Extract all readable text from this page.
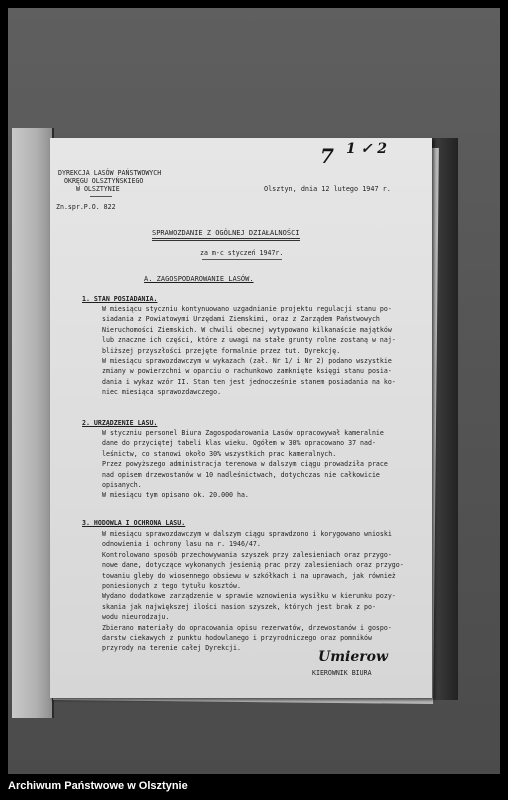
DYREKCJA LASÓW PAŃSTWOWYCH
OKRĘGU OLSZTYŃSKIEGO
W OLSZTYNIE
Zn.spr.P.O. 822
Olsztyn, dnia 12 lutego 1947 r.
7 1 ✓ 2
SPRAWOZDANIE Z OGÓLNEJ DZIAŁALNOŚCI
za m-c styczeń 1947r.
A. ZAGOSPODAROWANIE LASÓW.
1. STAN POSIADANIA.
W miesiącu styczniu kontynuowano uzgadnianie projektu regulacji stanu po-
siadania z Powiatowymi Urzędami Ziemskimi, oraz z Zarządem Państwowych
Nieruchomości Ziemskich. W chwili obecnej wytypowano kilkanaście majątków
lub znaczne ich części, które z uwagi na stałe grunty rolne zostaną w naj-
bliższej przyszłości przejęte formalnie przez tut. Dyrekcję.
W miesiącu sprawozdawczym w wykazach (zał. Nr 1/ i Nr 2) podano wszystkie
zmiany w powierzchni w oparciu o rachunkowo zamknięte księgi stanu posia-
dania i wykaz wzór II. Stan ten jest jednocześnie stanem posiadania na ko-
niec miesiąca sprawozdawczego.
2. URZĄDZENIE LASU.
W styczniu personel Biura Zagospodarowania Lasów opracowywał kameralnie
dane do przyciętej tabeli klas wieku. Ogółem w 30% opracowano 37 nad-
leśnictw, co stanowi około 30% wszystkich prac kameralnych.
Przez powyższego administracja terenowa w dalszym ciągu prowadziła prace
nad opisem drzewostanów w 10 nadleśnictwach, dotychczas nie całkowicie
opisanych.
W miesiącu tym opisano ok. 20.000 ha.
3. HODOWLA I OCHRONA LASU.
W miesiącu sprawozdawczym w dalszym ciągu sprawdzono i korygowano wnioski
odnowienia i ochrony lasu na r. 1946/47.
Kontrolowano sposób przechowywania szyszek przy zalesieniach oraz przygo-
nowe dane, dotyczące wykonanych jesienią prac przy zalesieniach oraz przygo-
towaniu gleby do wiosennego obsiewu w szkółkach i na uprawach, jak również
poniesionych z tego tytułu kosztów.
Wydano dodatkowe zarządzenie w sprawie wznowienia wysiłku w kierunku pozy-
skania jak największej ilości nasion szyszek, których jest brak z po-
wodu nieurodzaju.
Zbierano materiały do opracowania opisu rezerwatów, drzewostanów i gospo-
darstw ciekawych z punktu hodowlanego i przyrodniczego oraz pomników
przyrody na terenie całej Dyrekcji.
Umierow
KIEROWNIK BIURA
Archiwum Państwowe w Olsztynie
